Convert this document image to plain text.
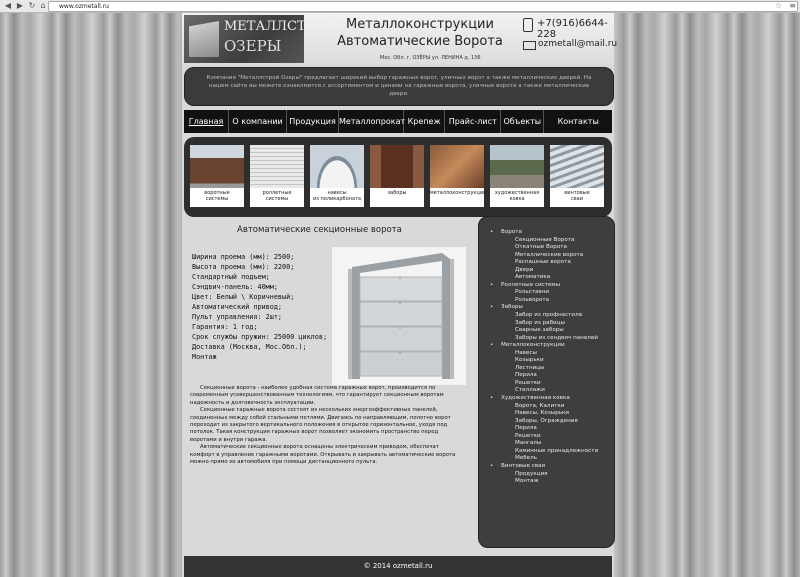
◀ ▶ ↻ ⌂	www.ozmetall.ru	☆ ≡
МЕТАЛЛСТРОЙ
ОЗЕРЫ
Металлоконструкции
Автоматические Ворота
Мос. Обл. г. ОЗЁРЫ ул. ЛЕНИНА д. 136
+7(916)6644-228
ozmetall@mail.ru

Компания "Металлстрой Озеры" предлагает широкий выбор гаражных ворот, уличных ворот а также металлических дверей. На нашем сайте вы можете ознакомится с ассортиментом и ценами на гаражные ворота, уличные ворота а также металлические двери.

Главная	О компании Продукция Металлопрокат Крепеж	Прайс-лист Объекты	Контакты
воротные
системы
роллетные
системы
навесы
из поликарбоната
заборы	металлоконструкции	художественная
ковка
винтовые
сваи
Автоматические секционные ворота
Ширина проема (мм): 2500;
Высота проема (мм): 2200;
Стандартный подъем;
Сэндвич-панель: 40мм;
Цвет: Белый \ Коричневый;
Автоматический привод;
Пульт управления: 2шт;
Гарантия: 1 год;
Срок службы пружин: 25000 циклов;
Доставка (Москва, Мос.Обл.);
Монтаж

Секционные ворота - наиболее удобная система гаражных ворот, производится по современным усовершенствованным технологиям, что гарантирует секционным воротам надежность и долговечность эксплуатации.

Секционные гаражные ворота состоят из нескольких энергоэффективных панелей, соединенных между собой стальными петлями. Двигаясь по направляющим, полотно ворот переходит из закрытого вертикального положения в открытое горизонтальное, уходя под потолок. Такая конструкция гаражных ворот позволяет экономить пространство перед воротами и внутри гаража.

Автоматические секционные ворота оснащены электрическим приводом, обеспечат комфорт в управление гаражными воротами. Открывать и закрывать автоматические ворота можно прямо из автомобиля при помощи дистанционного пульта.

• Ворота
Секционные Ворота
Откатные Ворота
Металлические ворота
Распашные ворота
Двери
Автоматика
• Роллетные системы
Рольставни
Рольворота
• Заборы
Забор из профнастила
Забор из рабицы
Сварные заборы
Заборы из сендвич панелей
• Металлоконструкции
Навесы
Козырьки
Лестницы
Перила
Решетки
Стеллажи
• Художественная ковка
Ворота, Калитки
Навесы, Козырьки
Заборы, Ограждения
Перила
Решетки
Мангалы
Каминные принадлежности
Мебель
• Винтовые сваи
Продукция
Монтаж
© 2014 ozmetall.ru
